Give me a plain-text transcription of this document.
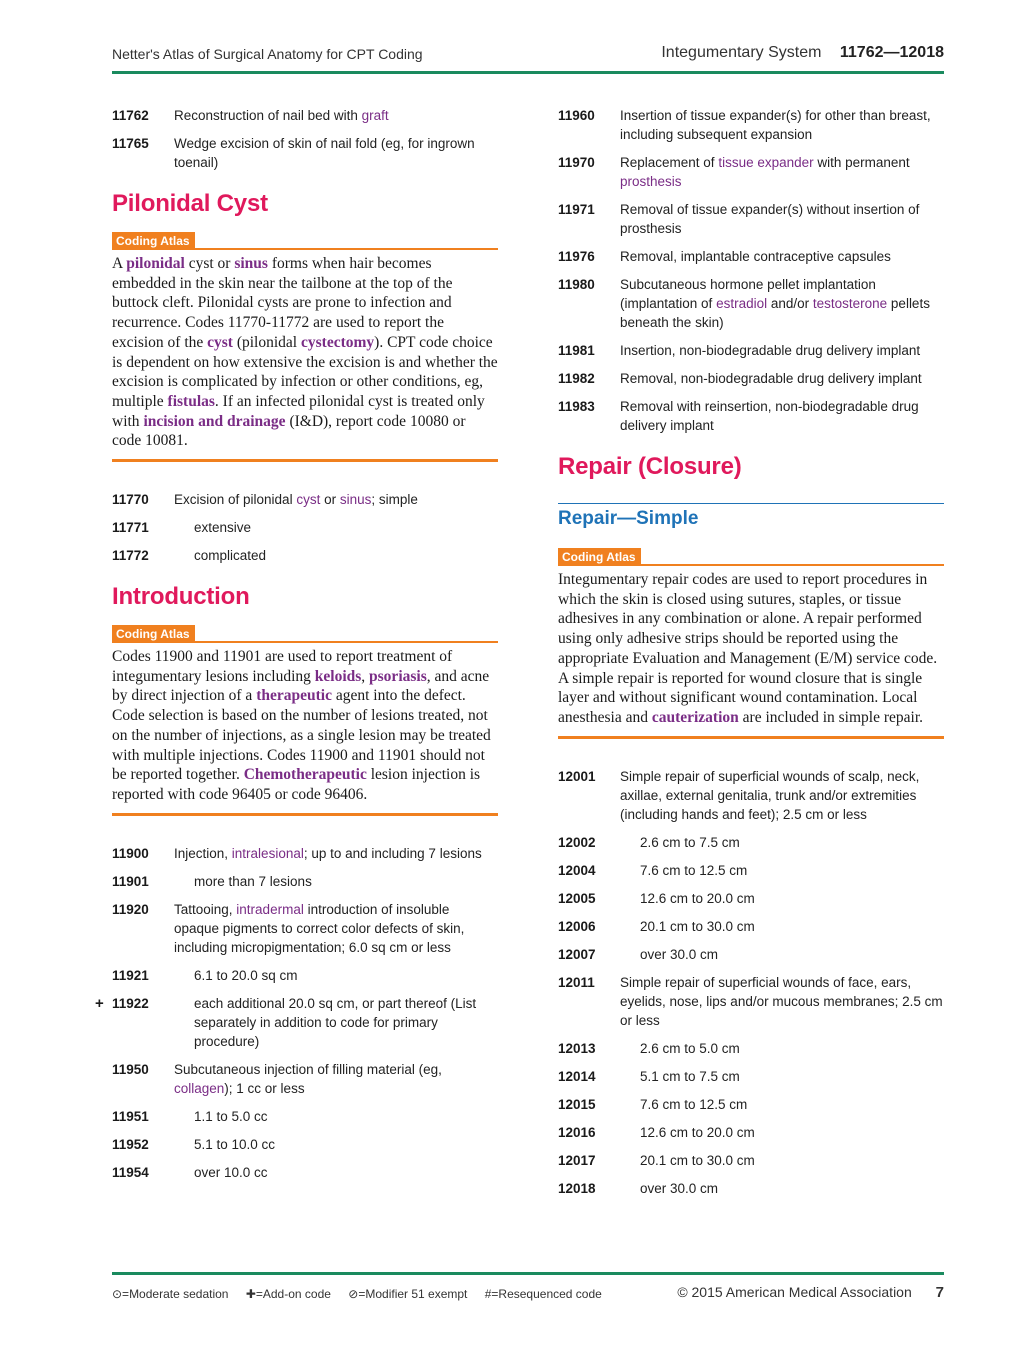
Netter's Atlas of Surgical Anatomy for CPT Coding	Integumentary System 11762—12018
11762	Reconstruction of nail bed with graft
11765	Wedge excision of skin of nail fold (eg, for ingrown toenail)
Pilonidal Cyst
Coding Atlas
A pilonidal cyst or sinus forms when hair becomes embedded in the skin near the tailbone at the top of the buttock cleft. Pilonidal cysts are prone to infection and recurrence. Codes 11770-11772 are used to report the excision of the cyst (pilonidal cystectomy). CPT code choice is dependent on how extensive the excision is and whether the excision is complicated by infection or other conditions, eg, multiple fistulas. If an infected pilonidal cyst is treated only with incision and drainage (I&D), report code 10080 or code 10081.
11770	Excision of pilonidal cyst or sinus; simple
11771	extensive
11772	complicated
Introduction
Coding Atlas
Codes 11900 and 11901 are used to report treatment of integumentary lesions including keloids, psoriasis, and acne by direct injection of a therapeutic agent into the defect. Code selection is based on the number of lesions treated, not on the number of injections, as a single lesion may be treated with multiple injections. Codes 11900 and 11901 should not be reported together. Chemotherapeutic lesion injection is reported with code 96405 or code 96406.
11900	Injection, intralesional; up to and including 7 lesions
11901	more than 7 lesions
11920	Tattooing, intradermal introduction of insoluble opaque pigments to correct color defects of skin, including micropigmentation; 6.0 sq cm or less
11921	6.1 to 20.0 sq cm
+ 11922	each additional 20.0 sq cm, or part thereof (List separately in addition to code for primary procedure)
11950	Subcutaneous injection of filling material (eg, collagen); 1 cc or less
11951	1.1 to 5.0 cc
11952	5.1 to 10.0 cc
11954	over 10.0 cc
11960	Insertion of tissue expander(s) for other than breast, including subsequent expansion
11970	Replacement of tissue expander with permanent prosthesis
11971	Removal of tissue expander(s) without insertion of prosthesis
11976	Removal, implantable contraceptive capsules
11980	Subcutaneous hormone pellet implantation (implantation of estradiol and/or testosterone pellets beneath the skin)
11981	Insertion, non-biodegradable drug delivery implant
11982	Removal, non-biodegradable drug delivery implant
11983	Removal with reinsertion, non-biodegradable drug delivery implant
Repair (Closure)
Repair—Simple
Coding Atlas
Integumentary repair codes are used to report procedures in which the skin is closed using sutures, staples, or tissue adhesives in any combination or alone. A repair performed using only adhesive strips should be reported using the appropriate Evaluation and Management (E/M) service code. A simple repair is reported for wound closure that is single layer and without significant wound contamination. Local anesthesia and cauterization are included in simple repair.
12001	Simple repair of superficial wounds of scalp, neck, axillae, external genitalia, trunk and/or extremities (including hands and feet); 2.5 cm or less
12002	2.6 cm to 7.5 cm
12004	7.6 cm to 12.5 cm
12005	12.6 cm to 20.0 cm
12006	20.1 cm to 30.0 cm
12007	over 30.0 cm
12011	Simple repair of superficial wounds of face, ears, eyelids, nose, lips and/or mucous membranes; 2.5 cm or less
12013	2.6 cm to 5.0 cm
12014	5.1 cm to 7.5 cm
12015	7.6 cm to 12.5 cm
12016	12.6 cm to 20.0 cm
12017	20.1 cm to 30.0 cm
12018	over 30.0 cm
⊙=Moderate sedation ✚=Add-on code ⊘=Modifier 51 exempt #=Resequenced code	© 2015 American Medical Association 7
